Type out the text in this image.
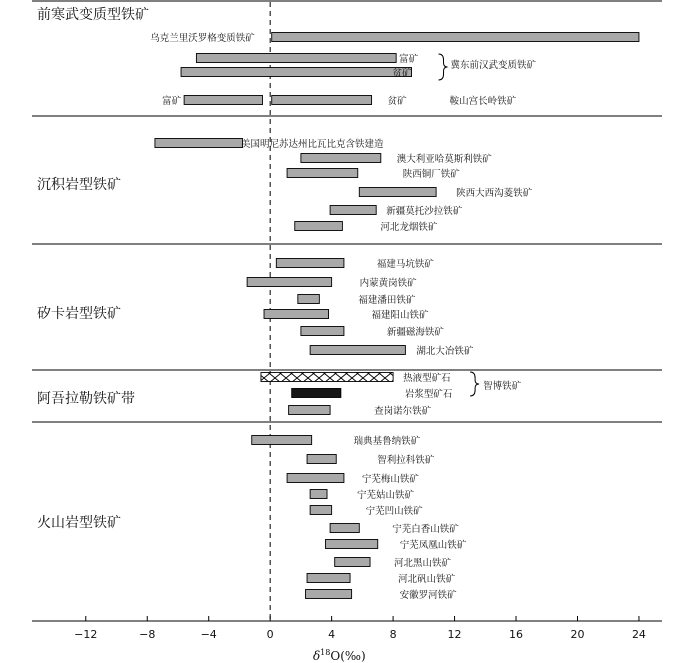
−12	−8	−4	0	4	8	12	16	20	24
乌克兰里沃罗格变质铁矿
富矿
贫矿
富矿	贫矿
美国明尼苏达州比瓦比克含铁建造
澳大利亚哈莫斯利铁矿
陕西铜厂铁矿
陕西大西沟菱铁矿
新疆莫托沙拉铁矿
河北龙烟铁矿
福建马坑铁矿
内蒙黄岗铁矿
福建潘田铁矿
福建阳山铁矿
新疆磁海铁矿
湖北大冶铁矿
热液型矿石
岩浆型矿石
查岗诺尔铁矿
瑞典基鲁纳铁矿
智利拉科铁矿
宁芜梅山铁矿
宁芜姑山铁矿
宁芜凹山铁矿
宁芜白香山铁矿
宁芜凤凰山铁矿
河北黑山铁矿
河北矾山铁矿
安徽罗河铁矿
冀东前汉武变质铁矿
鞍山宫长岭铁矿
智博铁矿
前寒武变质型铁矿
沉积岩型铁矿
矽卡岩型铁矿
阿吾拉勒铁矿带
火山岩型铁矿
$\delta^{18}O(‰)$
